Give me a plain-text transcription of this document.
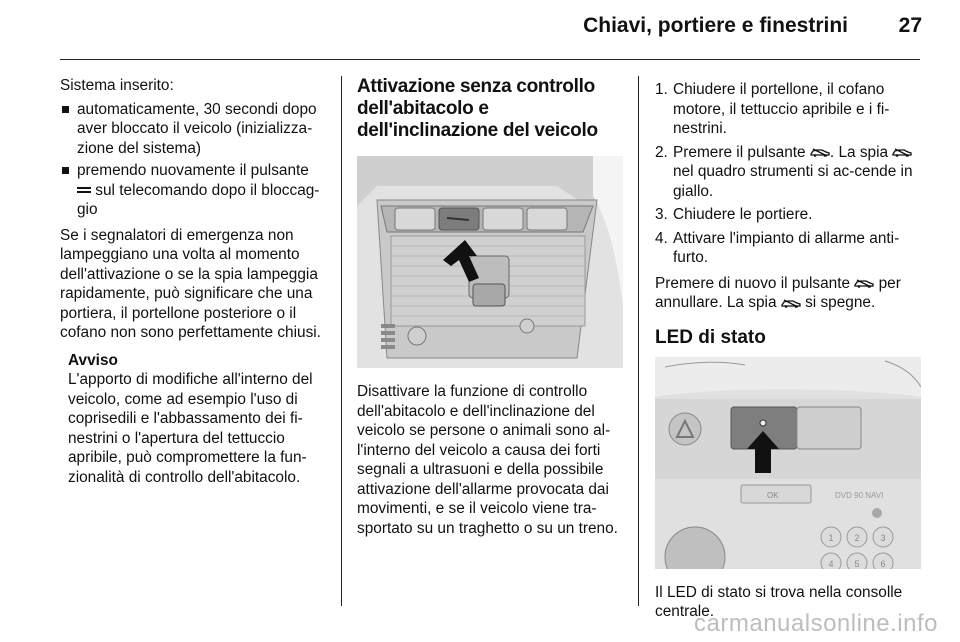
Chiavi, portiere e finestrini 27

Sistema inserito:

automaticamente, 30 secondi dopo aver bloccato il veicolo (inizializza-zione del sistema)
premendo nuovamente il pulsante  sul telecomando dopo il bloccag-gio

Se i segnalatori di emergenza non lampeggiano una volta al momento dell'attivazione o se la spia lampeggia rapidamente, può significare che una portiera, il portellone posteriore o il cofano non sono perfettamente chiusi.

Avviso
L'apporto di modifiche all'interno del veicolo, come ad esempio l'uso di coprisedili e l'abbassamento dei fi-nestrini o l'apertura del tettuccio apribile, può compromettere la fun-zionalità di controllo dell'abitacolo.
Attivazione senza controllo dell'abitacolo e dell'inclinazione del veicolo

Disattivare la funzione di controllo dell'abitacolo e dell'inclinazione del veicolo se persone o animali sono al-l'interno del veicolo a causa dei forti segnali a ultrasuoni e della possibile attivazione dell'allarme provocata dai movimenti, e se il veicolo viene tra-sportato su un traghetto o su un treno.

1. Chiudere il portellone, il cofano motore, il tettuccio apribile e i fi-nestrini.
2. Premere il pulsante . La spia  nel quadro strumenti si ac-cende in giallo.
3. Chiudere le portiere.
4. Attivare l'impianto di allarme anti-furto.

Premere di nuovo il pulsante per annullare. La spia si spegne.

LED di stato
OK	DVD 90 NAVI
1 2 3
4 5 6

Il LED di stato si trova nella consolle centrale.

carmanualsonline.info
